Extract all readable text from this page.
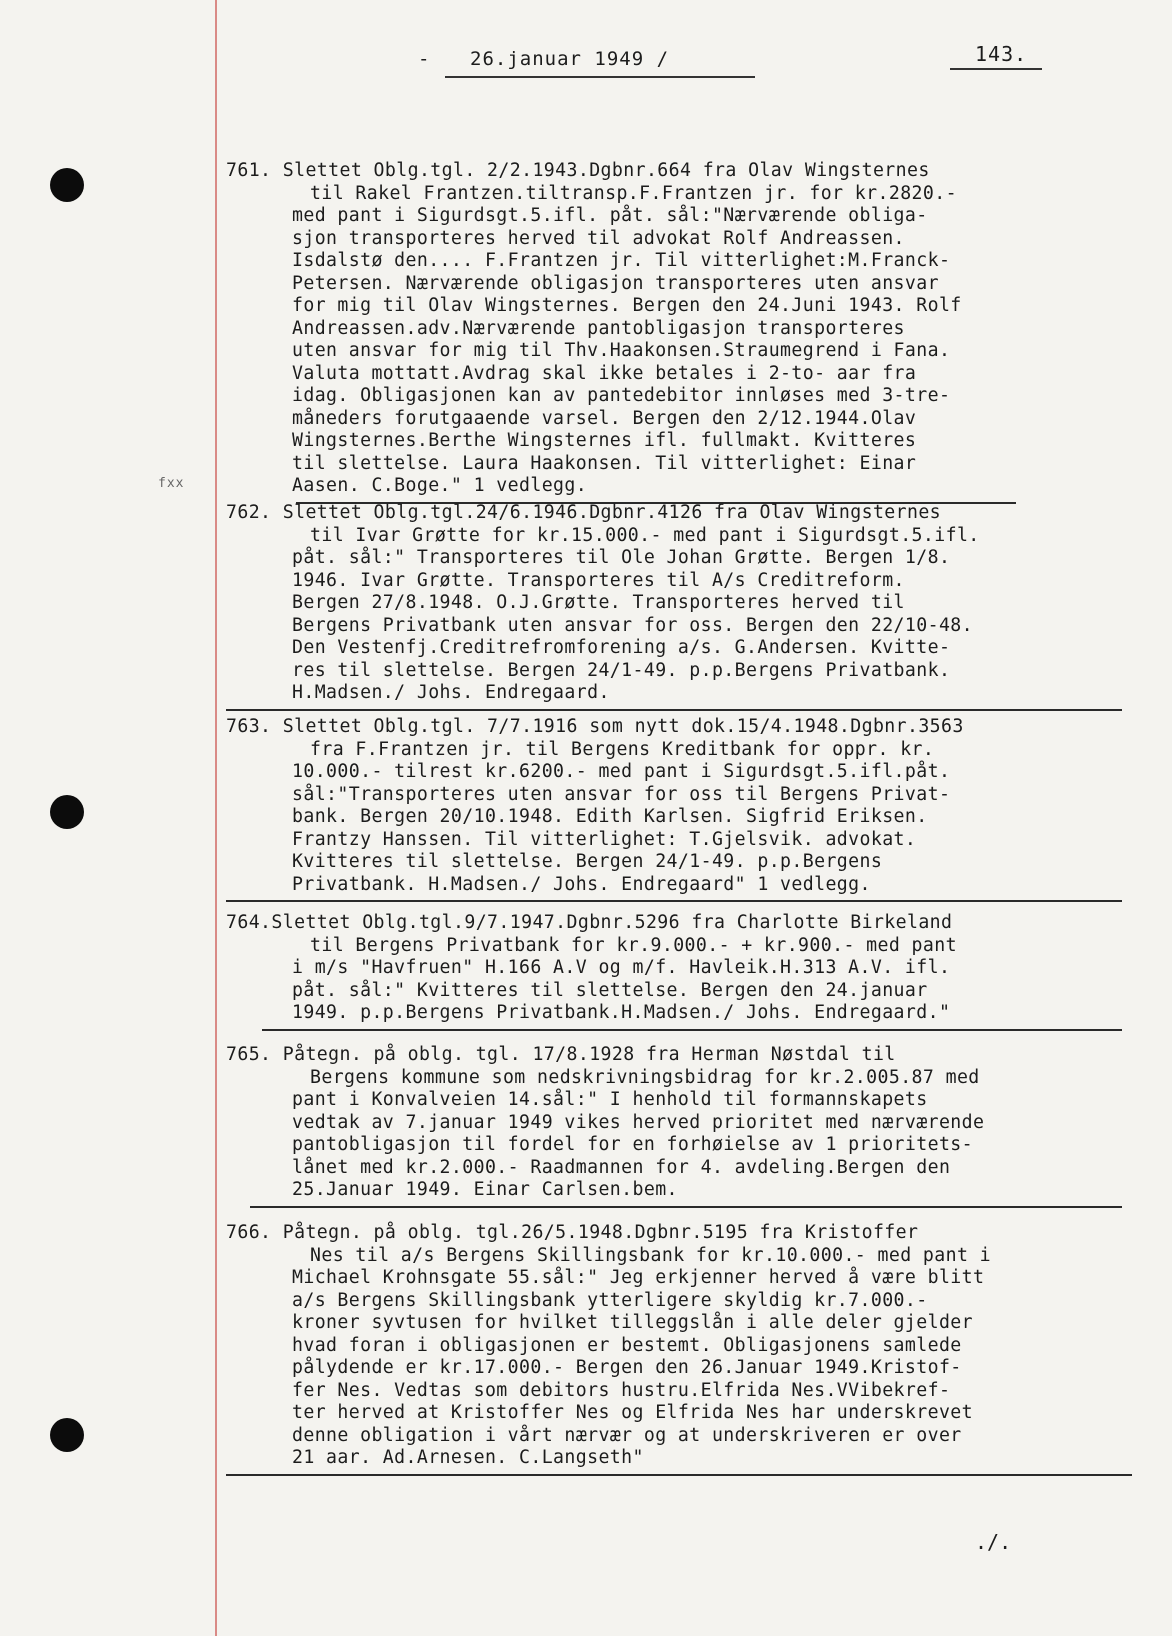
- 26.januar 1949 /	143.
fxx
761. Slettet Oblg.tgl. 2/2.1943.Dgbnr.664 fra Olav Wingsternes
til Rakel Frantzen.tiltransp.F.Frantzen jr. for kr.2820.-
med pant i Sigurdsgt.5.ifl. påt. sål:"Nærværende obliga-
sjon transporteres herved til advokat Rolf Andreassen.
Isdalstø den.... F.Frantzen jr. Til vitterlighet:M.Franck-
Petersen. Nærværende obligasjon transporteres uten ansvar
for mig til Olav Wingsternes. Bergen den 24.Juni 1943. Rolf
Andreassen.adv.Nærværende pantobligasjon transporteres
uten ansvar for mig til Thv.Haakonsen.Straumegrend i Fana.
Valuta mottatt.Avdrag skal ikke betales i 2-to- aar fra
idag. Obligasjonen kan av pantedebitor innløses med 3-tre-
måneders forutgaaende varsel. Bergen den 2/12.1944.Olav
Wingsternes.Berthe Wingsternes ifl. fullmakt. Kvitteres
til slettelse. Laura Haakonsen. Til vitterlighet: Einar
Aasen. C.Boge." 1 vedlegg.
762. Slettet Oblg.tgl.24/6.1946.Dgbnr.4126 fra Olav Wingsternes
til Ivar Grøtte for kr.15.000.- med pant i Sigurdsgt.5.ifl.
påt. sål:" Transporteres til Ole Johan Grøtte. Bergen 1/8.
1946. Ivar Grøtte. Transporteres til A/s Creditreform.
Bergen 27/8.1948. O.J.Grøtte. Transporteres herved til
Bergens Privatbank uten ansvar for oss. Bergen den 22/10-48.
Den Vestenfj.Creditrefromforening a/s. G.Andersen. Kvitte-
res til slettelse. Bergen 24/1-49. p.p.Bergens Privatbank.
H.Madsen./ Johs. Endregaard.
763. Slettet Oblg.tgl. 7/7.1916 som nytt dok.15/4.1948.Dgbnr.3563
fra F.Frantzen jr. til Bergens Kreditbank for oppr. kr.
10.000.- tilrest kr.6200.- med pant i Sigurdsgt.5.ifl.påt.
sål:"Transporteres uten ansvar for oss til Bergens Privat-
bank. Bergen 20/10.1948. Edith Karlsen. Sigfrid Eriksen.
Frantzy Hanssen. Til vitterlighet: T.Gjelsvik. advokat.
Kvitteres til slettelse. Bergen 24/1-49. p.p.Bergens
Privatbank. H.Madsen./ Johs. Endregaard" 1 vedlegg.
764.Slettet Oblg.tgl.9/7.1947.Dgbnr.5296 fra Charlotte Birkeland
til Bergens Privatbank for kr.9.000.- + kr.900.- med pant
i m/s "Havfruen" H.166 A.V og m/f. Havleik.H.313 A.V. ifl.
påt. sål:" Kvitteres til slettelse. Bergen den 24.januar
1949. p.p.Bergens Privatbank.H.Madsen./ Johs. Endregaard."
765. Påtegn. på oblg. tgl. 17/8.1928 fra Herman Nøstdal til
Bergens kommune som nedskrivningsbidrag for kr.2.005.87 med
pant i Konvalveien 14.sål:" I henhold til formannskapets
vedtak av 7.januar 1949 vikes herved prioritet med nærværende
pantobligasjon til fordel for en forhøielse av 1 prioritets-
lånet med kr.2.000.- Raadmannen for 4. avdeling.Bergen den
25.Januar 1949. Einar Carlsen.bem.
766. Påtegn. på oblg. tgl.26/5.1948.Dgbnr.5195 fra Kristoffer
Nes til a/s Bergens Skillingsbank for kr.10.000.- med pant i
Michael Krohnsgate 55.sål:" Jeg erkjenner herved å være blitt
a/s Bergens Skillingsbank ytterligere skyldig kr.7.000.-
kroner syvtusen for hvilket tilleggslån i alle deler gjelder
hvad foran i obligasjonen er bestemt. Obligasjonens samlede
pålydende er kr.17.000.- Bergen den 26.Januar 1949.Kristof-
fer Nes. Vedtas som debitors hustru.Elfrida Nes.VVibekref-
ter herved at Kristoffer Nes og Elfrida Nes har underskrevet
denne obligation i vårt nærvær og at underskriveren er over
21 aar. Ad.Arnesen. C.Langseth"
./.
